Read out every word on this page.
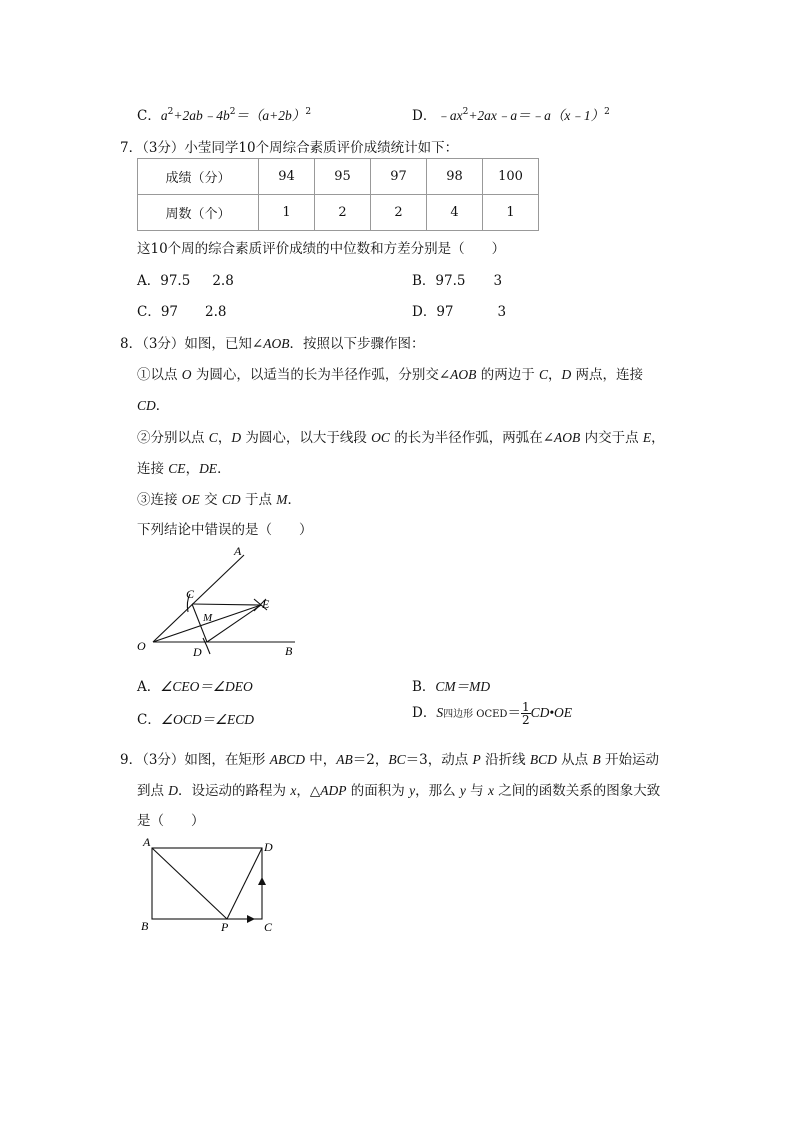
C．$a^2+2ab﹣4b^2=(a+2b)^2$	D．$﹣ax^2+2ax﹣a=﹣a(x﹣1)^2$
7．（3分）小莹同学10个周综合素质评价成绩统计如下：
成绩（分）	94	95	97	98	100
周数（个）	1	2	2	4	1
这10个周的综合素质评价成绩的中位数和方差分别是（　　）
A．97.5 2.8	B．97.5 3
C．97 2.8	D．97	3
8．（3分）如图，已知∠AOB．按照以下步骤作图：
①以点 O 为圆心，以适当的长为半径作弧，分别交∠AOB 的两边于 C，D 两点，连接
CD．
②分别以点 C，D 为圆心，以大于线段 OC 的长为半径作弧，两弧在∠AOB 内交于点 E，
连接 CE，DE．
③连接 OE 交 CD 于点 M．
下列结论中错误的是（　　）
A
B
C
D
E
M
O
A．∠CEO＝∠DEO	B．CM＝MD
C．∠OCD＝∠ECD	D．S四边形 OCED＝ $\frac{1}{2}$ CD•OE
9．（3分）如图，在矩形 ABCD 中，AB＝2，BC＝3，动点 P 沿折线 BCD 从点 B 开始运动
到点 D．设运动的路程为 x，△ADP 的面积为 y，那么 y 与 x 之间的函数关系的图象大致
是（　　）
A	D
B	P	C
